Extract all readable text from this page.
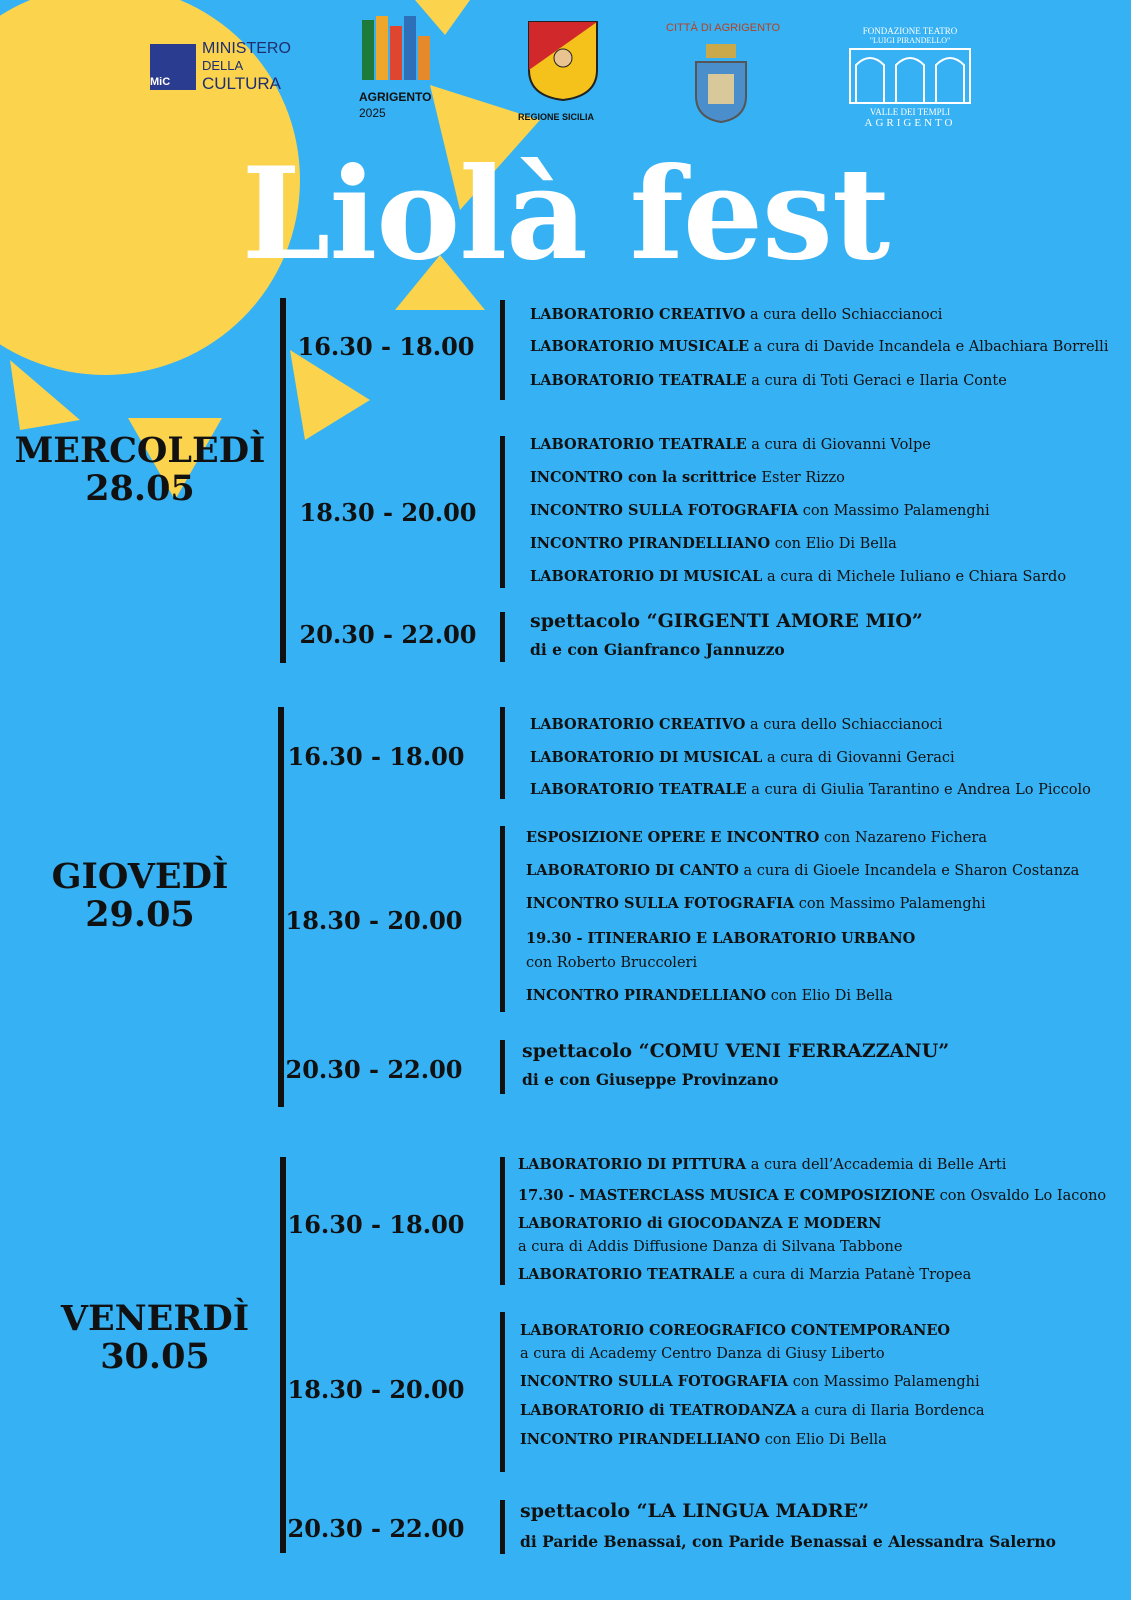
MiC
MINISTERO
DELLA
CULTURA
AGRIGENTO
2025	REGIONE SICILIA
CITTÀ DI AGRIGENTO	FONDAZIONE TEATRO
"LUIGI PIRANDELLO"
VALLE DEI TEMPLI
AGRIGENTO
Liolà fest
MERCOLEDÌ
28.05
16.30 - 18.00
LABORATORIO CREATIVO a cura dello Schiaccianoci
LABORATORIO MUSICALE a cura di Davide Incandela e Albachiara Borrelli
LABORATORIO TEATRALE a cura di Toti Geraci e Ilaria Conte
18.30 - 20.00
LABORATORIO TEATRALE a cura di Giovanni Volpe
INCONTRO con la scrittrice Ester Rizzo
INCONTRO SULLA FOTOGRAFIA con Massimo Palamenghi
INCONTRO PIRANDELLIANO con Elio Di Bella
LABORATORIO DI MUSICAL a cura di Michele Iuliano e Chiara Sardo
20.30 - 22.00	spettacolo “GIRGENTI AMORE MIO”
di e con Gianfranco Jannuzzo
GIOVEDÌ
29.05
16.30 - 18.00
LABORATORIO CREATIVO a cura dello Schiaccianoci
LABORATORIO DI MUSICAL a cura di Giovanni Geraci
LABORATORIO TEATRALE a cura di Giulia Tarantino e Andrea Lo Piccolo
18.30 - 20.00
ESPOSIZIONE OPERE E INCONTRO con Nazareno Fichera
LABORATORIO DI CANTO a cura di Gioele Incandela e Sharon Costanza
INCONTRO SULLA FOTOGRAFIA con Massimo Palamenghi
19.30 - ITINERARIO E LABORATORIO URBANO
con Roberto Bruccoleri
INCONTRO PIRANDELLIANO con Elio Di Bella
20.30 - 22.00
spettacolo “COMU VENI FERRAZZANU”
di e con Giuseppe Provinzano
VENERDÌ
30.05
16.30 - 18.00
LABORATORIO DI PITTURA a cura dell’Accademia di Belle Arti
17.30 - MASTERCLASS MUSICA E COMPOSIZIONE con Osvaldo Lo Iacono
LABORATORIO di GIOCODANZA E MODERN
a cura di Addis Diffusione Danza di Silvana Tabbone
LABORATORIO TEATRALE a cura di Marzia Patanè Tropea
18.30 - 20.00
LABORATORIO COREOGRAFICO CONTEMPORANEO
a cura di Academy Centro Danza di Giusy Liberto
INCONTRO SULLA FOTOGRAFIA con Massimo Palamenghi
LABORATORIO di TEATRODANZA a cura di Ilaria Bordenca
INCONTRO PIRANDELLIANO con Elio Di Bella
20.30 - 22.00
spettacolo “LA LINGUA MADRE”
di Paride Benassai, con Paride Benassai e Alessandra Salerno
